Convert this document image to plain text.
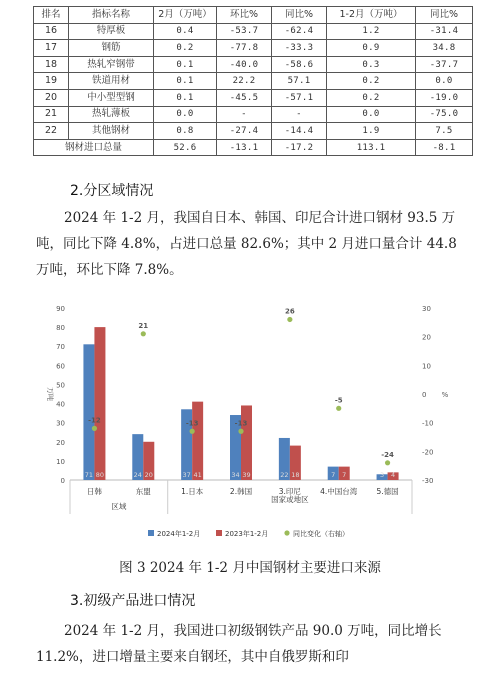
排名	指标名称	2月（万吨）	环比%	同比%	1-2月（万吨）	同比%
16	特厚板	0.4	-53.7	-62.4	1.2	-31.4
17	钢筋	0.2	-77.8	-33.3	0.9	34.8
18	热轧窄钢带	0.1	-40.0	-58.6	0.3	-37.7
19	铁道用材	0.1	22.2	57.1	0.2	0.0
20	中小型型钢	0.1	-45.5	-57.1	0.2	-19.0
21	热轧薄板	0.0	-	-	0.0	-75.0
22	其他钢材	0.8	-27.4	-14.4	1.9	7.5
钢材进口总量		52.6	-13.1	-17.2	113.1	-8.1
2.分区域情况
2024 年 1-2 月，我国自日本、韩国、印尼合计进口钢材 93.5 万吨，同比下降 4.8%，占进口总量 82.6%；其中 2 月进口量合计 44.8 万吨，环比下降 7.8%。
0
10
20
30
40
50
60
70
80
90
-30
-20
-10
0
10
20
30
万吨	%
71 80
-12
日韩
24 20
21
东盟
37 41
-13
1.日本
34 39
-13
2.韩国
22 18
26
3.印尼
7 7
-5
4.中国台湾
3 4
-24
5.德国
区域
国家或地区
2024年1-2月	2023年1-2月	同比变化（右轴）
图 3 2024 年 1-2 月中国钢材主要进口来源
3.初级产品进口情况
2024 年 1-2 月，我国进口初级钢铁产品 90.0 万吨，同比增长 11.2%，进口增量主要来自钢坯，其中自俄罗斯和印
